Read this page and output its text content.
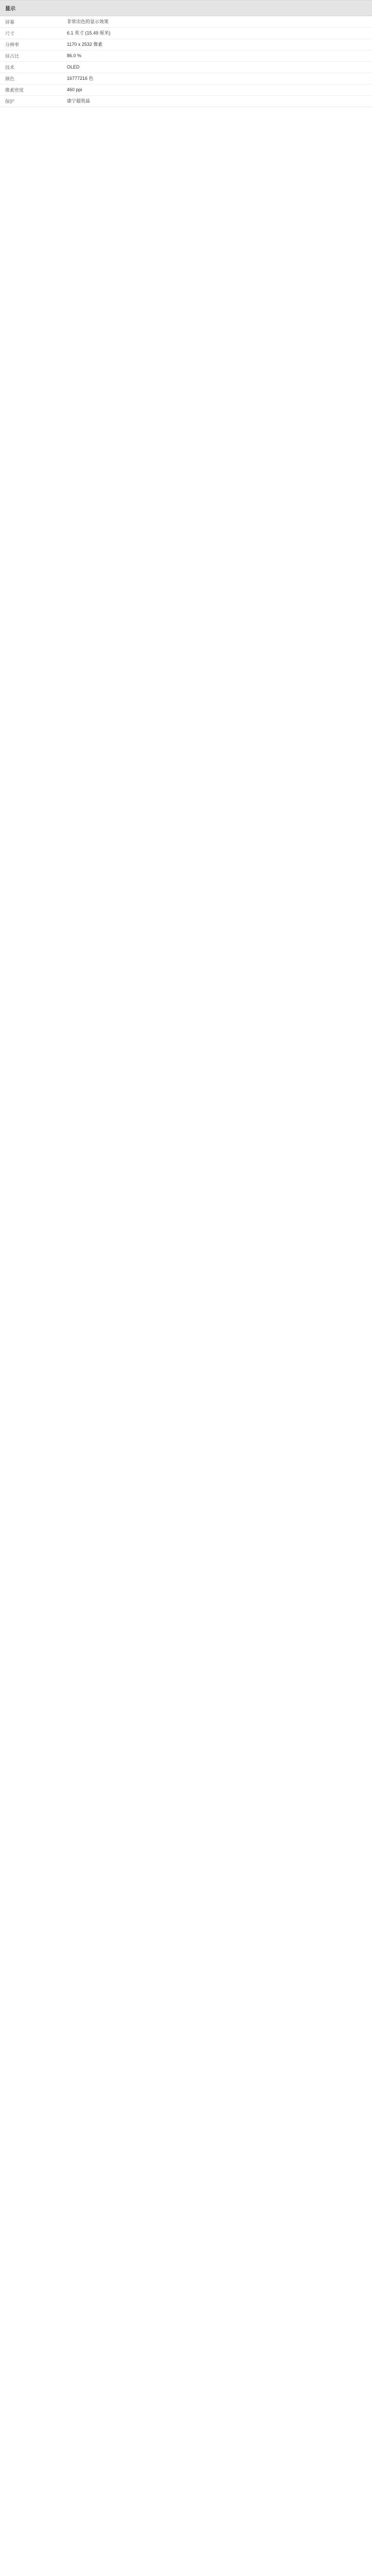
显示
屏幕	非常出色的显示效果
尺寸	6.1 英寸 (15.49 厘米)
分辨率	1170 x 2532 像素
屏占比	86.0 %
技术	OLED
颜色	16777216 色
像素密度	460 ppi
保护	康宁超瓷晶
